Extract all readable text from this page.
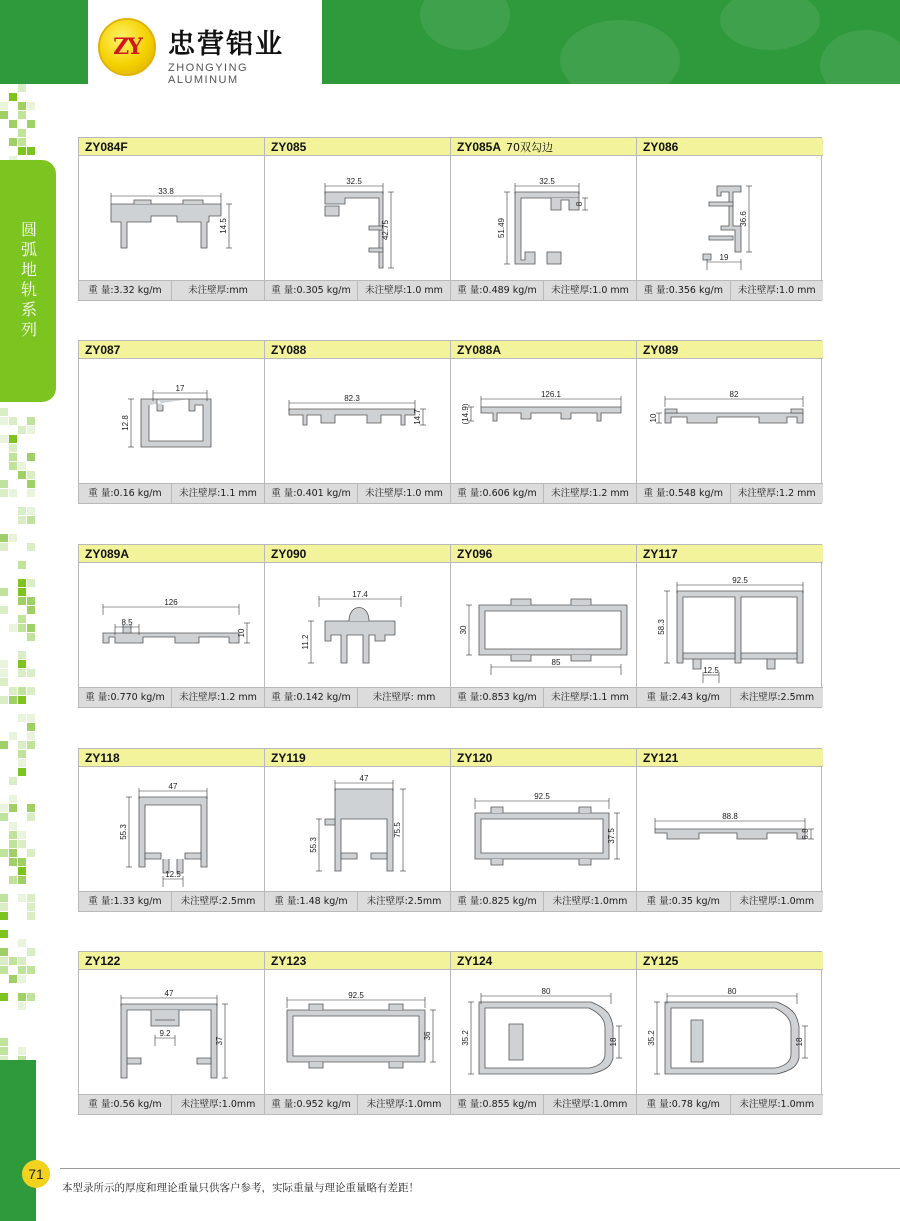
ZY 忠营铝业
ZHONGYING ALUMINUM
圆弧地轨系列
ZY084F
33.8
14.5
重 量:3.32 kg/m	未注壁厚:mm
ZY085
32.5
42.75
重 量:0.305 kg/m	未注壁厚:1.0 mm
ZY085A 70双勾边
32.5
8
51.49
重 量:0.489 kg/m	未注壁厚:1.0 mm
ZY086
36.6
19
重 量:0.356 kg/m	未注壁厚:1.0 mm
ZY087
17
12.8
重 量:0.16 kg/m	未注壁厚:1.1 mm
ZY088
82.3
14.7
重 量:0.401 kg/m	未注壁厚:1.0 mm
ZY088A
126.1
(14.9)
重 量:0.606 kg/m	未注壁厚:1.2 mm
ZY089
82
10
重 量:0.548 kg/m	未注壁厚:1.2 mm
ZY089A
126
8.5
10
重 量:0.770 kg/m	未注壁厚:1.2 mm
ZY090
17.4
11.2
重 量:0.142 kg/m	未注壁厚: mm
ZY096
30
85
重 量:0.853 kg/m	未注壁厚:1.1 mm
ZY117
92.5
58.3
12.5
重 量:2.43 kg/m	未注壁厚:2.5mm
ZY118
47
55.3
12.5
重 量:1.33 kg/m	未注壁厚:2.5mm
ZY119
47
55.3
75.5
重 量:1.48 kg/m	未注壁厚:2.5mm
ZY120
92.5
37.5
重 量:0.825 kg/m	未注壁厚:1.0mm
ZY121
88.8
6.8
重 量:0.35 kg/m	未注壁厚:1.0mm
ZY122
47
9.2
37
重 量:0.56 kg/m	未注壁厚:1.0mm
ZY123
92.5
36
重 量:0.952 kg/m	未注壁厚:1.0mm
ZY124
80
35.2	18
重 量:0.855 kg/m	未注壁厚:1.0mm
ZY125
80
35.2	18
重 量:0.78 kg/m	未注壁厚:1.0mm
71
本型录所示的厚度和理论重量只供客户参考，实际重量与理论重量略有差距！
